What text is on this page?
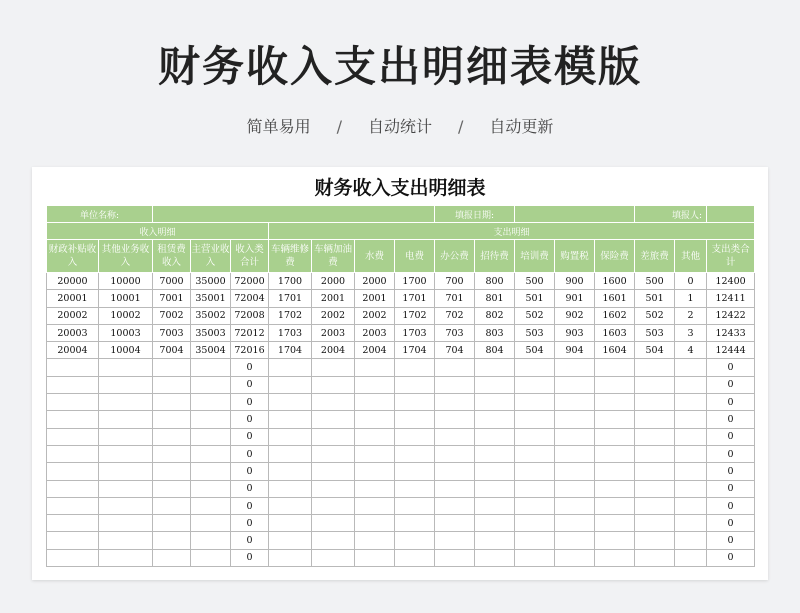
财务收入支出明细表模版
简单易用 / 自动统计 / 自动更新
财务收入支出明细表
单位名称:									填报日期:					填报人:		
收入明细					支出明细											
财政补贴收入	其他业务收入	租赁费收入	主营业收入	收入类合计	车辆维修费	车辆加油费	水费	电费	办公费	招待费	培训费	购置税	保险费	差旅费	其他	支出类合计
20000	10000	7000	35000	72000	1700	2000	2000	1700	700	800	500	900	1600	500	0	12400
20001	10001	7001	35001	72004	1701	2001	2001	1701	701	801	501	901	1601	501	1	12411
20002	10002	7002	35002	72008	1702	2002	2002	1702	702	802	502	902	1602	502	2	12422
20003	10003	7003	35003	72012	1703	2003	2003	1703	703	803	503	903	1603	503	3	12433
20004	10004	7004	35004	72016	1704	2004	2004	1704	704	804	504	904	1604	504	4	12444
				0												0
				0												0
				0												0
				0												0
				0												0
				0												0
				0												0
				0												0
				0												0
				0												0
				0												0
				0												0
